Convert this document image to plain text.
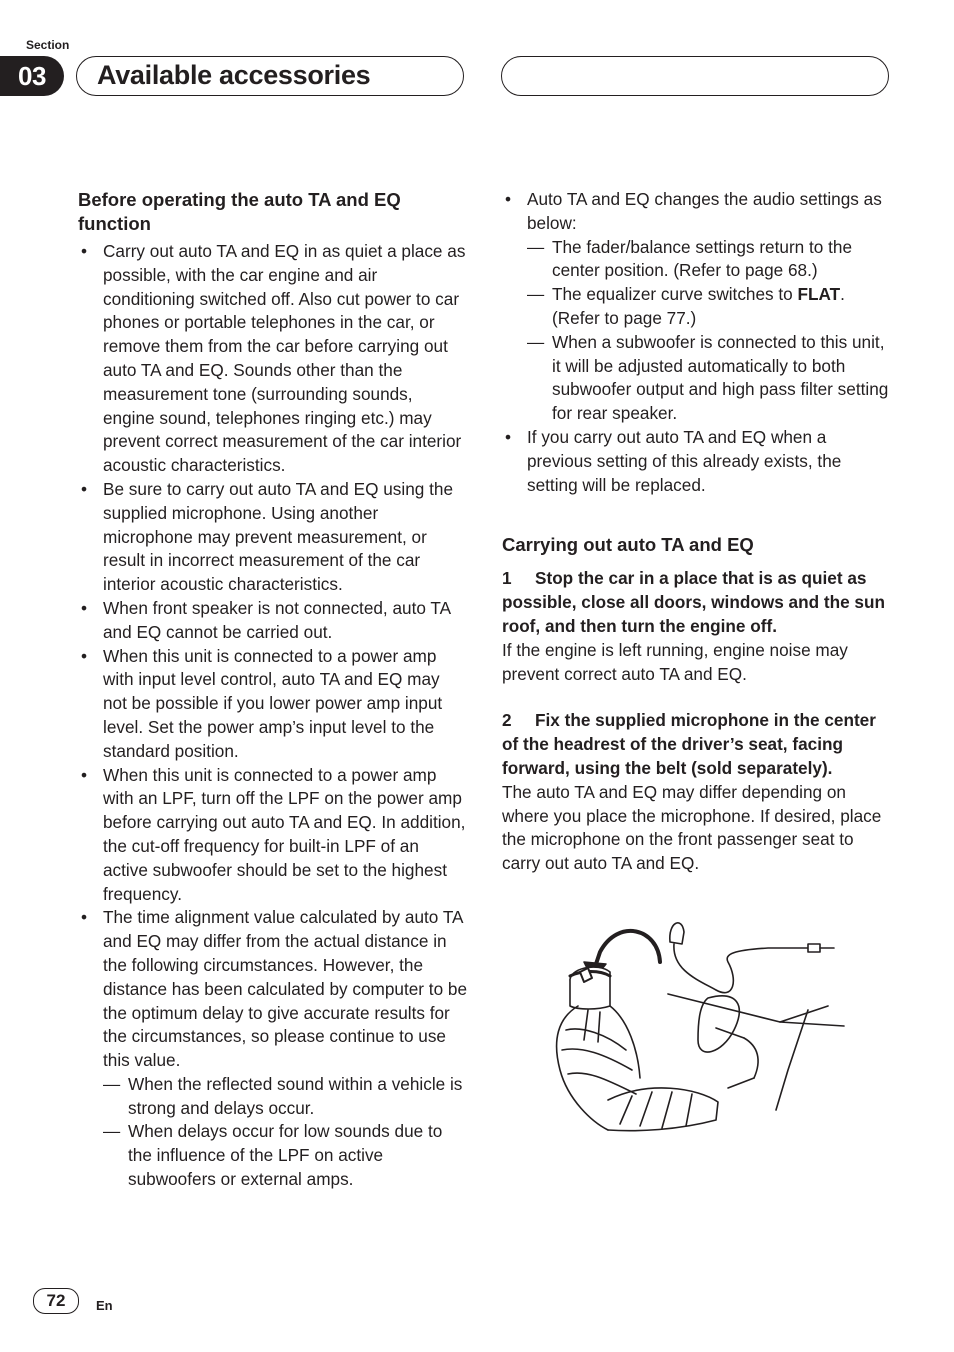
Section
03	Available accessories
Before operating the auto TA and EQ function
• Carry out auto TA and EQ in as quiet a place as possible, with the car engine and air conditioning switched off. Also cut power to car phones or portable telephones in the car, or remove them from the car before carrying out auto TA and EQ. Sounds other than the measurement tone (surrounding sounds, engine sound, telephones ringing etc.) may prevent correct measurement of the car interior acoustic characteristics.
• Be sure to carry out auto TA and EQ using the supplied microphone. Using another microphone may prevent measurement, or result in incorrect measurement of the car interior acoustic characteristics.
• When front speaker is not connected, auto TA and EQ cannot be carried out.
• When this unit is connected to a power amp with input level control, auto TA and EQ may not be possible if you lower power amp input level. Set the power amp’s input level to the standard position.
• When this unit is connected to a power amp with an LPF, turn off the LPF on the power amp before carrying out auto TA and EQ. In addition, the cut-off frequency for built-in LPF of an active subwoofer should be set to the highest frequency.
• The time alignment value calculated by auto TA and EQ may differ from the actual distance in the following circumstances. However, the distance has been calculated by computer to be the optimum delay to give accurate results for the circumstances, so please continue to use this value.
— When the reflected sound within a vehicle is strong and delays occur.
— When delays occur for low sounds due to the influence of the LPF on active subwoofers or external amps.
• Auto TA and EQ changes the audio settings as below:
— The fader/balance settings return to the center position. (Refer to page 68.)
— The equalizer curve switches to FLAT. (Refer to page 77.)
— When a subwoofer is connected to this unit, it will be adjusted automatically to both subwoofer output and high pass filter setting for rear speaker.
• If you carry out auto TA and EQ when a previous setting of this already exists, the setting will be replaced.
Carrying out auto TA and EQ

1 Stop the car in a place that is as quiet as possible, close all doors, windows and the sun roof, and then turn the engine off.

If the engine is left running, engine noise may prevent correct auto TA and EQ.

2 Fix the supplied microphone in the center of the headrest of the driver’s seat, facing forward, using the belt (sold separately).

The auto TA and EQ may differ depending on where you place the microphone. If desired, place the microphone on the front passenger seat to carry out auto TA and EQ.

72	En
